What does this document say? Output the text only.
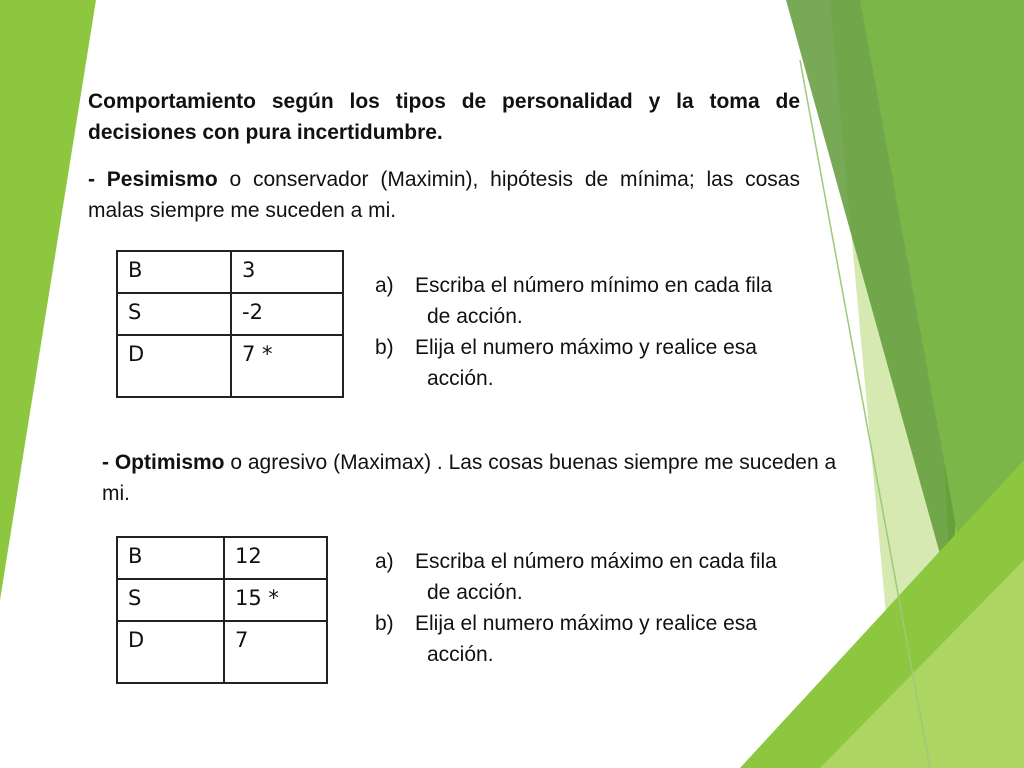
Comportamiento según los tipos de personalidad y la toma de decisiones con pura incertidumbre.
- Pesimismo o conservador (Maximin), hipótesis de mínima; las cosas malas siempre me suceden a mi.
B	3
S	-2
D	7 *
a) Escriba el número mínimo en cada fila
de acción.
b) Elija el numero máximo y realice esa
acción.
- Optimismo o agresivo (Maximax) . Las cosas buenas siempre me suceden a mi.
B	12
S	15 *
D	7
a) Escriba el número máximo en cada fila
de acción.
b) Elija el numero máximo y realice esa
acción.
